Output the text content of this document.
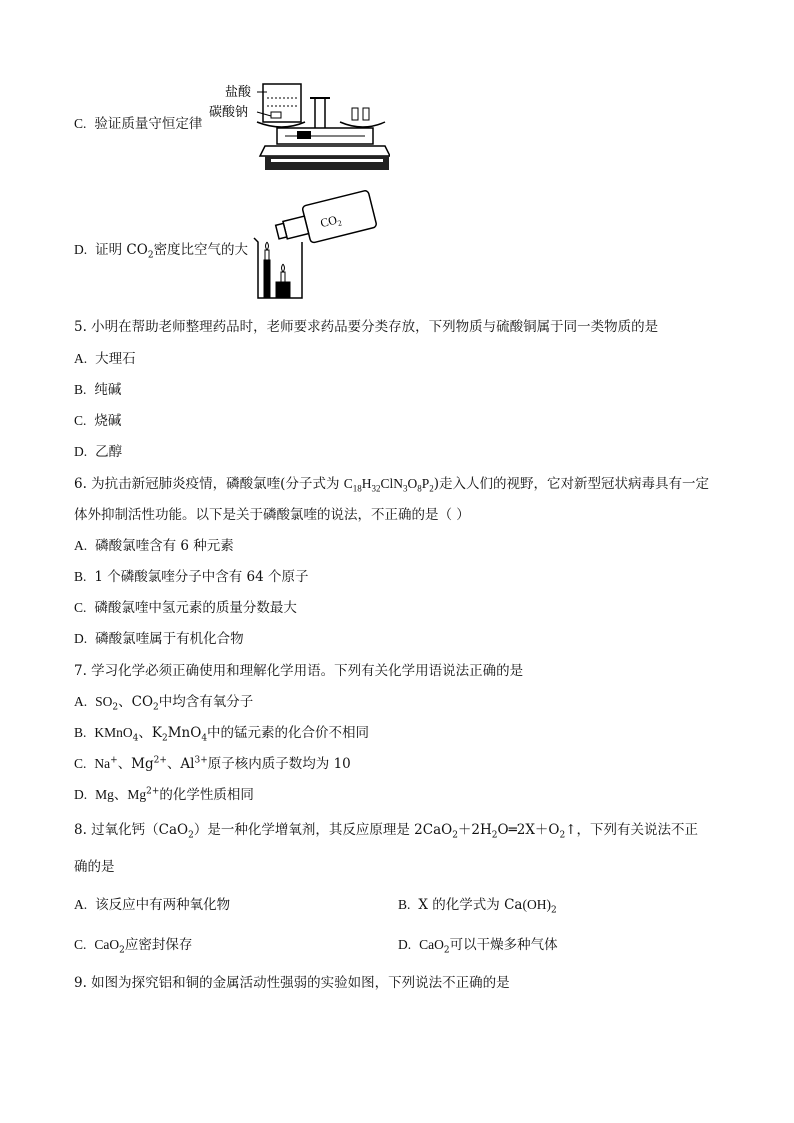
C. 验证质量守恒定律
盐酸
碳酸钠
D. 证明 $CO_2$密度比空气的大
$CO_2$
5. 小明在帮助老师整理药品时，老师要求药品要分类存放，下列物质与硫酸铜属于同一类物质的是
A. 大理石
B. 纯碱
C. 烧碱
D. 乙醇
6. 为抗击新冠肺炎疫情，磷酸氯喹(分子式为 $C_{18}H_{32}ClN_3O_8P_2$)走入人们的视野，它对新型冠状病毒具有一定
体外抑制活性功能。以下是关于磷酸氯喹的说法，不正确的是（ ）
A. 磷酸氯喹含有 6 种元素
B. 1 个磷酸氯喹分子中含有 64 个原子
C. 磷酸氯喹中氢元素的质量分数最大
D. 磷酸氯喹属于有机化合物
7. 学习化学必须正确使用和理解化学用语。下列有关化学用语说法正确的是
A. $SO_2$、$CO_2$中均含有氧分子
B. KMnO$_4$、$K_2MnO_4$中的锰元素的化合价不相同
C. Na+、$Mg^{2+}$、$Al^{3+}$原子核内质子数均为 10
D. Mg、$Mg^{2+}$的化学性质相同
8. 过氧化钙（CaO$_2$）是一种化学增氧剂，其反应原理是 $2CaO_2+2H_2O═2X+O_2↑$，下列有关说法不正
确的是
A. 该反应中有两种氧化物	B. X 的化学式为 $Ca(OH)_2$
C. CaO$_2$应密封保存	D. CaO$_2$可以干燥多种气体
9. 如图为探究铝和铜的金属活动性强弱的实验如图，下列说法不正确的是
